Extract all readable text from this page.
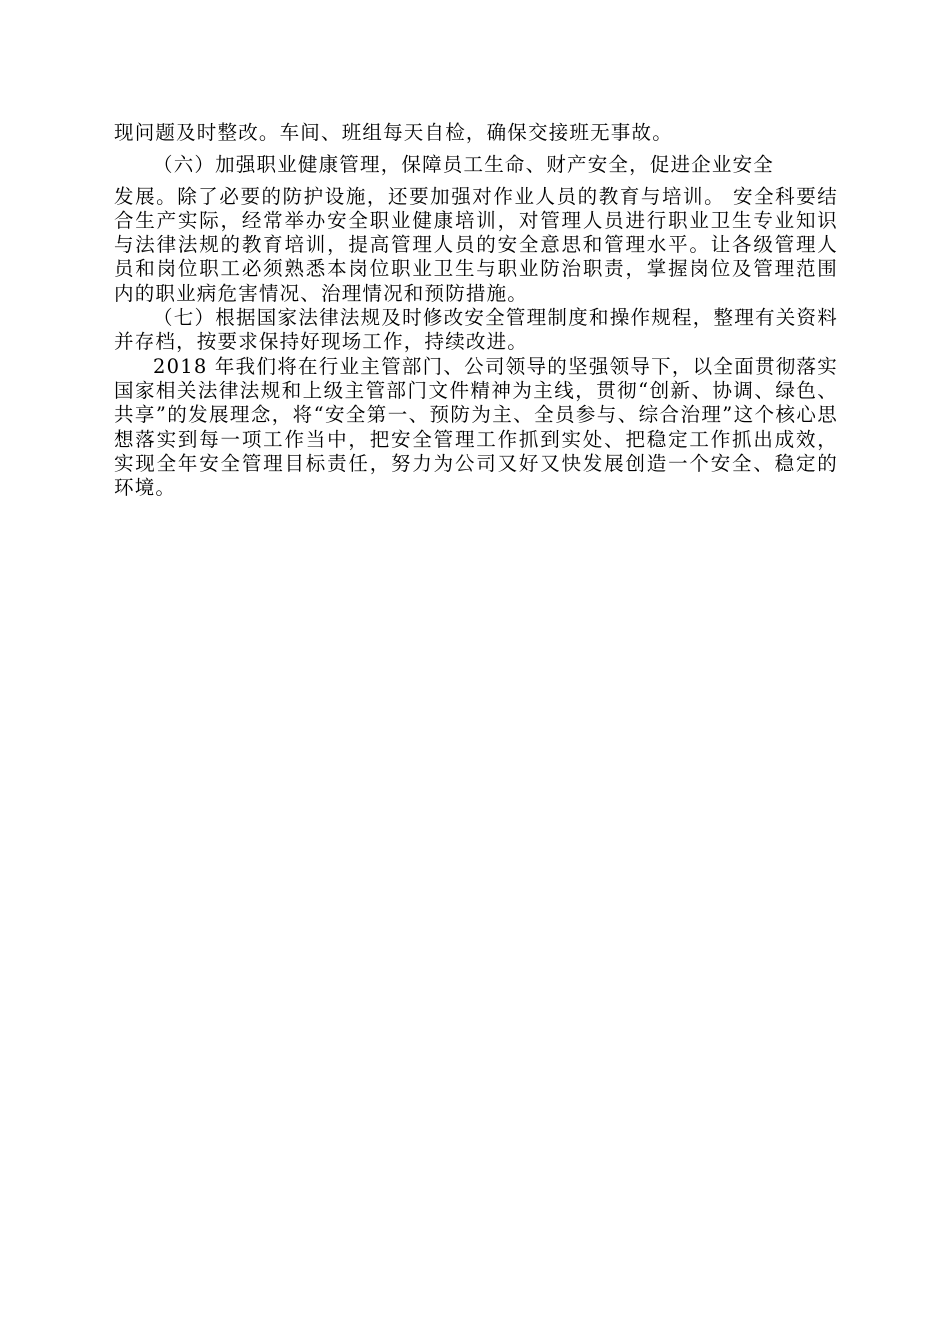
现问题及时整改。车间、班组每天自检，确保交接班无事故。

（六）加强职业健康管理，保障员工生命、财产安全，促进企业安全
发展。除了必要的防护设施，还要加强对作业人员的教育与培训。 安全科要结合生产实际，经常举办安全职业健康培训，对管理人员进行职业卫生专业知识与法律法规的教育培训，提高管理人员的安全意思和管理水平。让各级管理人员和岗位职工必须熟悉本岗位职业卫生与职业防治职责，掌握岗位及管理范围内的职业病危害情况、治理情况和预防措施。

（七）根据国家法律法规及时修改安全管理制度和操作规程，整理有关资料并存档，按要求保持好现场工作，持续改进。

2018 年我们将在行业主管部门、公司领导的坚强领导下，以全面贯彻落实国家相关法律法规和上级主管部门文件精神为主线，贯彻“创新、协调、绿色、共享”的发展理念，将“安全第一、预防为主、全员参与、综合治理”这个核心思想落实到每一项工作当中，把安全管理工作抓到实处、把稳定工作抓出成效，实现全年安全管理目标责任，努力为公司又好又快发展创造一个安全、稳定的环境。
